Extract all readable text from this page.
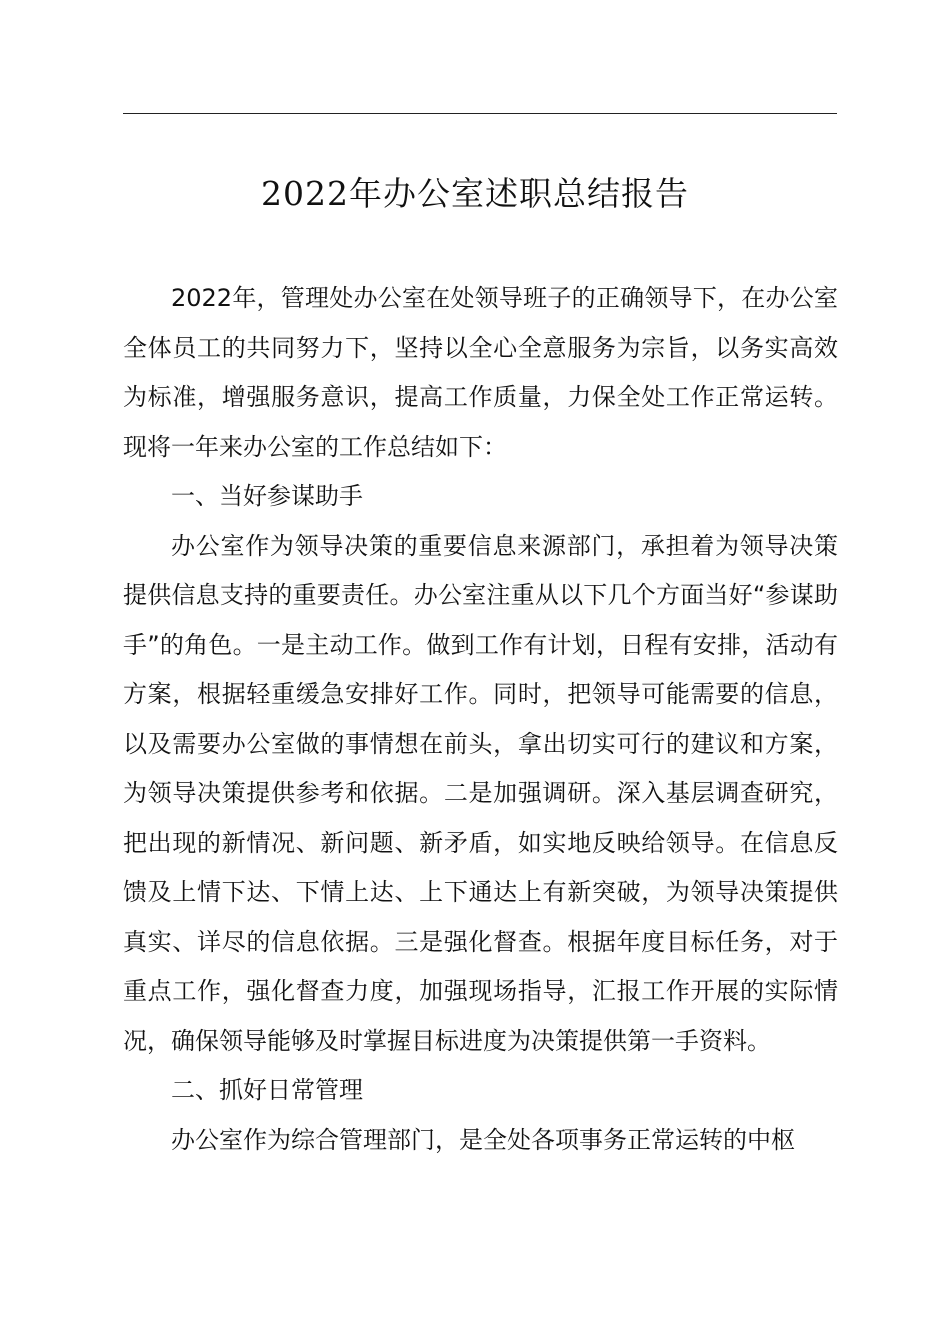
2022年办公室述职总结报告

2022年，管理处办公室在处领导班子的正确领导下，在办公室全体员工的共同努力下，坚持以全心全意服务为宗旨，以务实高效为标准，增强服务意识，提高工作质量，力保全处工作正常运转。现将一年来办公室的工作总结如下：

一、当好参谋助手

办公室作为领导决策的重要信息来源部门，承担着为领导决策提供信息支持的重要责任。办公室注重从以下几个方面当好“参谋助手”的角色。一是主动工作。做到工作有计划，日程有安排，活动有方案，根据轻重缓急安排好工作。同时，把领导可能需要的信息，以及需要办公室做的事情想在前头，拿出切实可行的建议和方案，为领导决策提供参考和依据。二是加强调研。深入基层调查研究，把出现的新情况、新问题、新矛盾，如实地反映给领导。在信息反馈及上情下达、下情上达、上下通达上有新突破，为领导决策提供真实、详尽的信息依据。三是强化督查。根据年度目标任务，对于重点工作，强化督查力度，加强现场指导，汇报工作开展的实际情况，确保领导能够及时掌握目标进度为决策提供第一手资料。

二、抓好日常管理

办公室作为综合管理部门，是全处各项事务正常运转的中枢
